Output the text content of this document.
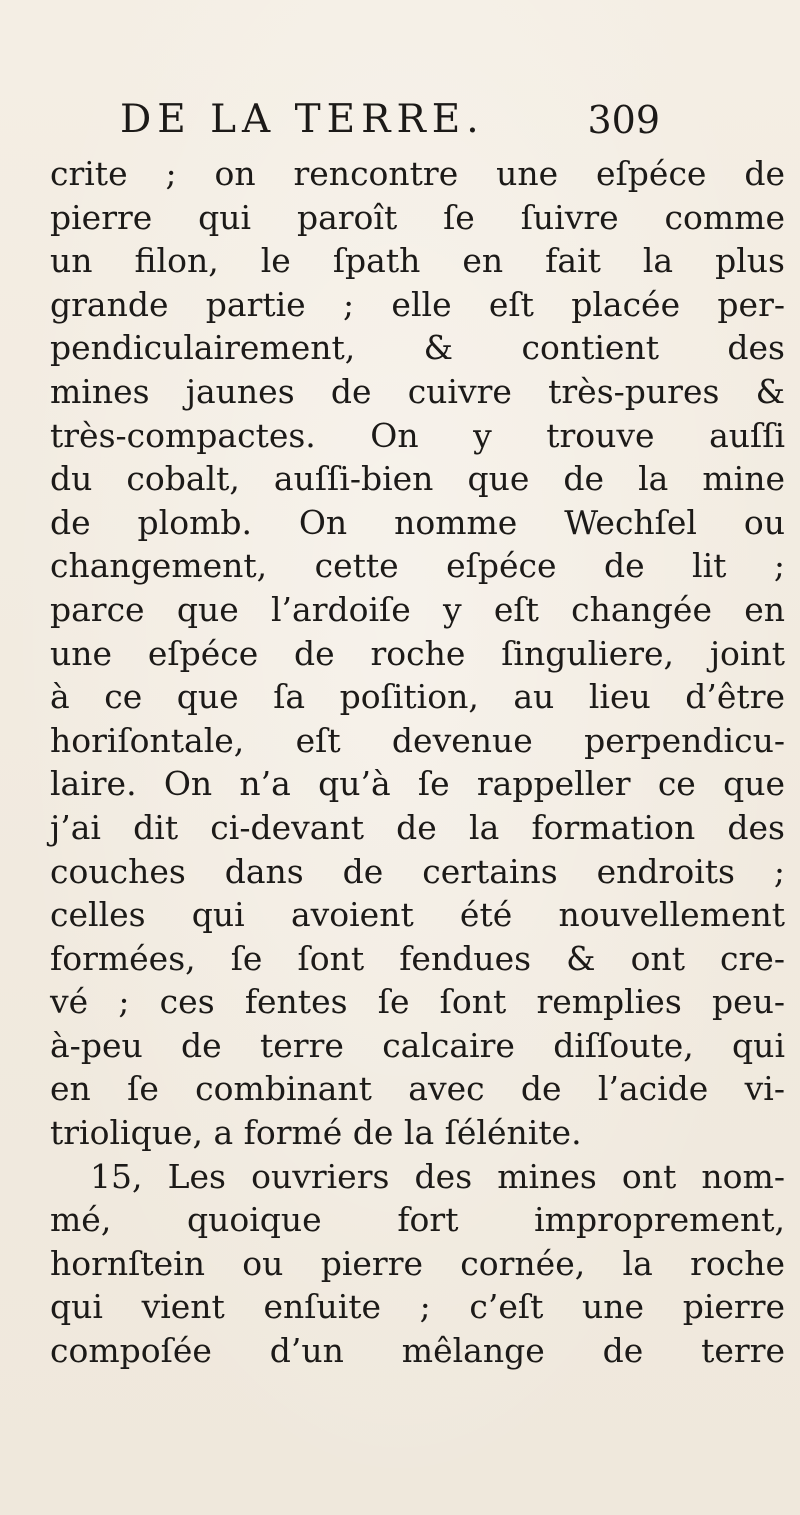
DE LA TERRE.	309
crite ; on rencontre une eſpéce de
pierre qui paroît ſe ſuivre comme
un filon, le ſpath en fait la plus
grande partie ; elle eſt placée per-
pendiculairement, & contient des
mines jaunes de cuivre très-pures &
très-compactes. On y trouve auſſi
du cobalt, auſſi-bien que de la mine
de plomb. On nomme Wechſel ou
changement, cette eſpéce de lit ;
parce que l’ardoiſe y eſt changée en
une eſpéce de roche ſinguliere, joint
à ce que ſa poſition, au lieu d’être
horiſontale, eſt devenue perpendicu-
laire. On n’a qu’à ſe rappeller ce que
j’ai dit ci-devant de la formation des
couches dans de certains endroits ;
celles qui avoient été nouvellement
formées, ſe ſont fendues & ont cre-
vé ; ces fentes ſe ſont remplies peu-
à-peu de terre calcaire diſſoute, qui
en ſe combinant avec de l’acide vi-
triolique, a formé de la ſélénite.
15, Les ouvriers des mines ont nom-
mé, quoique fort improprement,
hornſtein ou pierre cornée, la roche
qui vient enſuite ; c’eſt une pierre
compoſée d’un mêlange de terre
